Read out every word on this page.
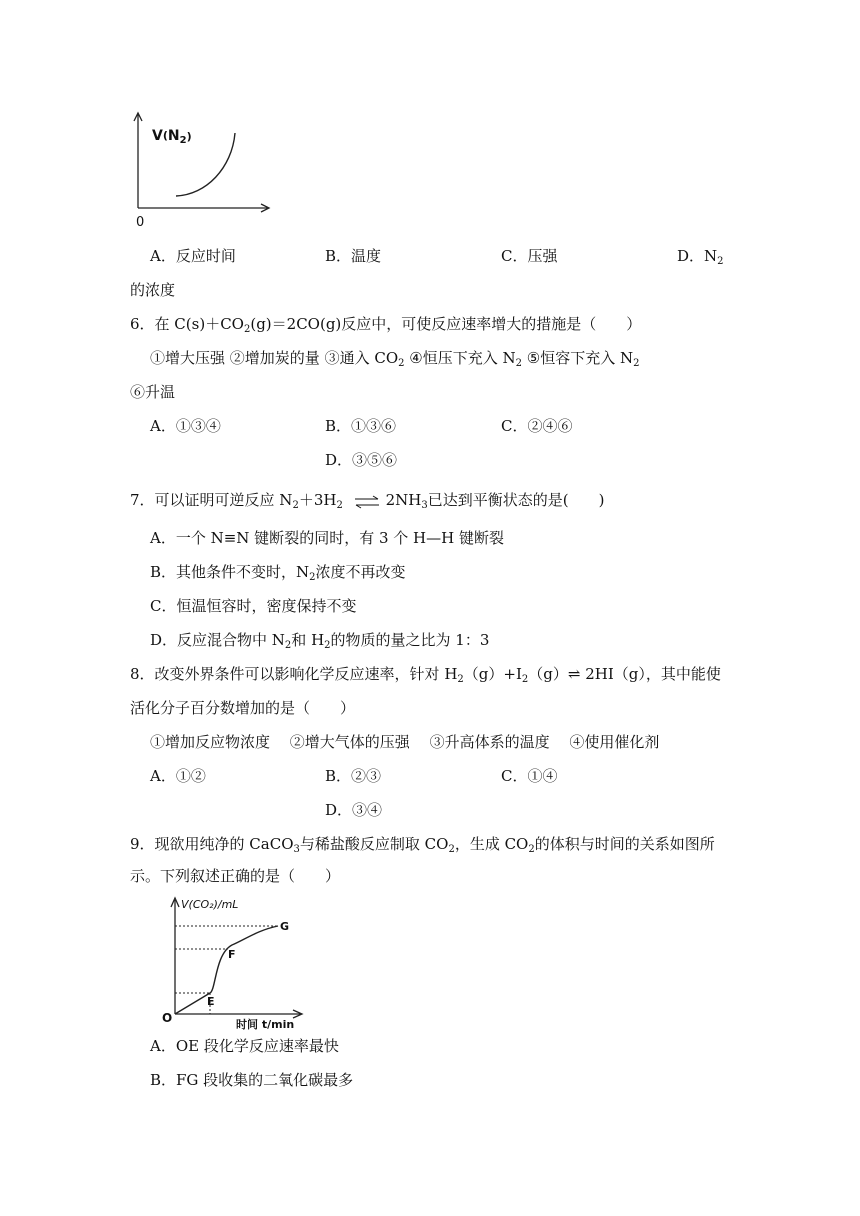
$V(N_2^)$
0
A．反应时间	B．温度	C．压强	D．$N_2$
的浓度
6．在 $C(s)+CO_2(g)=2CO(g)$反应中，可使反应速率增大的措施是（　　）
①增大压强 ②增加炭的量 ③通入 $CO_2$ ④恒压下充入 $N_2$ ⑤恒容下充入 $N_2$
⑥升温
A．①③④	B．①③⑥	C．②④⑥
D．③⑤⑥
7．可以证明可逆反应 $N_2+3H_2$ ⇌ $2NH_3$已达到平衡状态的是(　　)
A．一个 N≡N 键断裂的同时，有 3 个 H—H 键断裂
B．其他条件不变时，$N_2$浓度不再改变
C．恒温恒容时，密度保持不变
D．反应混合物中 $N_2$和 $H_2$的物质的量之比为 1：3
8．改变外界条件可以影响化学反应速率，针对 $H_2(g)+I_2(g)\rightleftharpoons$ 2HI（g），其中能使
活化分子百分数增加的是（　　）
①增加反应物浓度　 ②增大气体的压强　 ③升高体系的温度　 ④使用催化剂
A．①②	B．②③	C．①④
D．③④
9．现欲用纯净的 CaCO$_3$与稀盐酸反应制取 $CO_2$，生成 $CO_2$的体积与时间的关系如图所
示。下列叙述正确的是（　　）
V(CO₂)/mL
G
F
E
O	时间 t/min
A．OE 段化学反应速率最快
B．FG 段收集的二氧化碳最多
